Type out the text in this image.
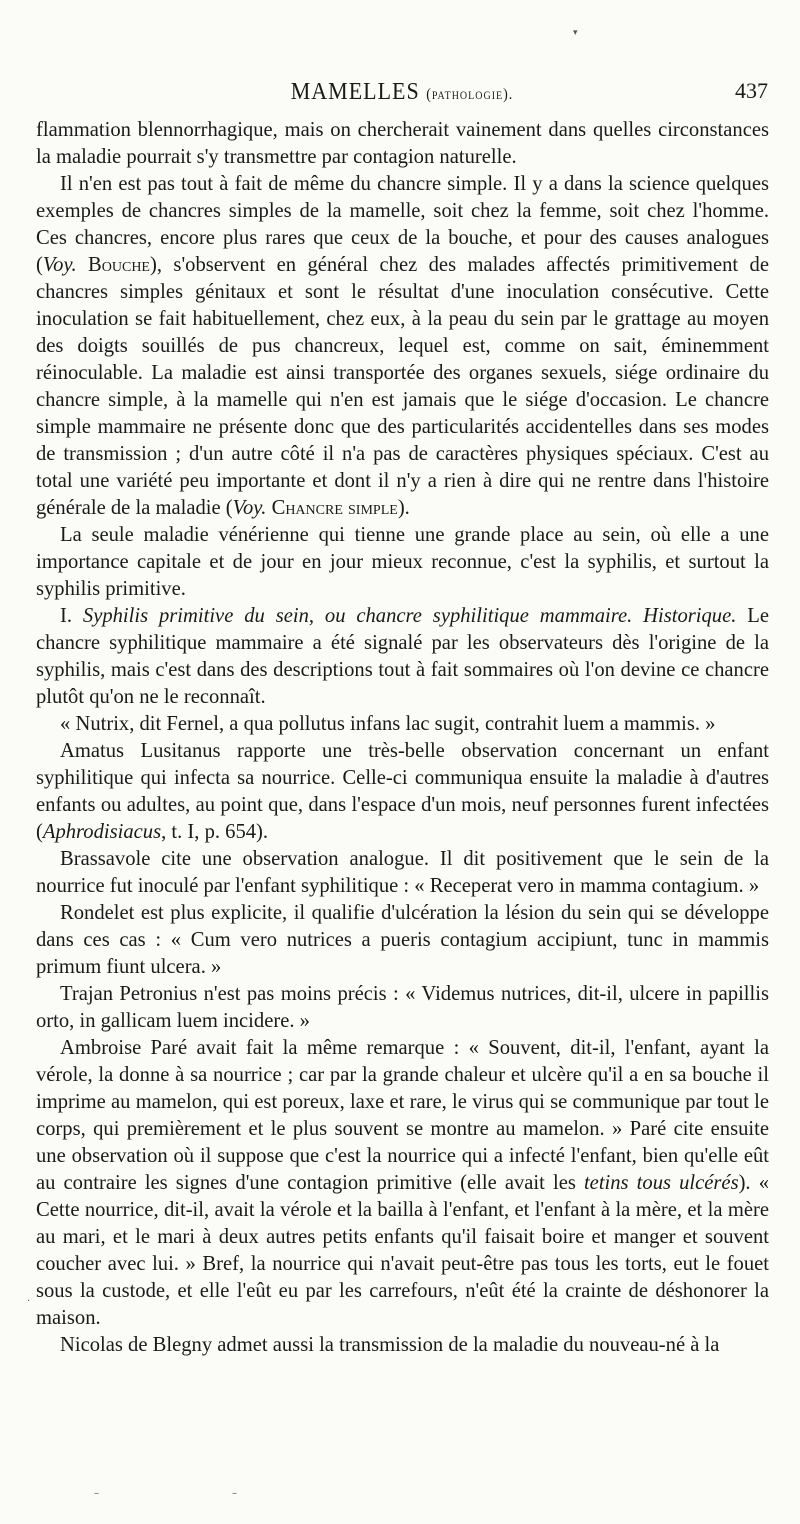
▾
·
–	–
MAMELLES (pathologie).	437

flammation blennorrhagique, mais on chercherait vainement dans quelles circonstances la maladie pourrait s'y transmettre par contagion naturelle.

Il n'en est pas tout à fait de même du chancre simple. Il y a dans la science quelques exemples de chancres simples de la mamelle, soit chez la femme, soit chez l'homme. Ces chancres, encore plus rares que ceux de la bouche, et pour des causes analogues (Voy. Bouche), s'observent en général chez des malades affectés primitivement de chancres simples génitaux et sont le résultat d'une inoculation consécutive. Cette inoculation se fait habituellement, chez eux, à la peau du sein par le grattage au moyen des doigts souillés de pus chancreux, lequel est, comme on sait, éminemment réinoculable. La maladie est ainsi transportée des organes sexuels, siége ordinaire du chancre simple, à la mamelle qui n'en est jamais que le siége d'occasion. Le chancre simple mammaire ne présente donc que des particularités accidentelles dans ses modes de transmission ; d'un autre côté il n'a pas de caractères physiques spéciaux. C'est au total une variété peu importante et dont il n'y a rien à dire qui ne rentre dans l'histoire générale de la maladie (Voy. Chancre simple).

La seule maladie vénérienne qui tienne une grande place au sein, où elle a une importance capitale et de jour en jour mieux reconnue, c'est la syphilis, et surtout la syphilis primitive.

I. Syphilis primitive du sein, ou chancre syphilitique mammaire. Historique. Le chancre syphilitique mammaire a été signalé par les observateurs dès l'origine de la syphilis, mais c'est dans des descriptions tout à fait sommaires où l'on devine ce chancre plutôt qu'on ne le reconnaît.

« Nutrix, dit Fernel, a qua pollutus infans lac sugit, contrahit luem a mammis. »

Amatus Lusitanus rapporte une très-belle observation concernant un enfant syphilitique qui infecta sa nourrice. Celle-ci communiqua ensuite la maladie à d'autres enfants ou adultes, au point que, dans l'espace d'un mois, neuf personnes furent infectées (Aphrodisiacus, t. I, p. 654).

Brassavole cite une observation analogue. Il dit positivement que le sein de la nourrice fut inoculé par l'enfant syphilitique : « Receperat vero in mamma contagium. »

Rondelet est plus explicite, il qualifie d'ulcération la lésion du sein qui se développe dans ces cas : « Cum vero nutrices a pueris contagium accipiunt, tunc in mammis primum fiunt ulcera. »

Trajan Petronius n'est pas moins précis : « Videmus nutrices, dit-il, ulcere in papillis orto, in gallicam luem incidere. »

Ambroise Paré avait fait la même remarque : « Souvent, dit-il, l'enfant, ayant la vérole, la donne à sa nourrice ; car par la grande chaleur et ulcère qu'il a en sa bouche il imprime au mamelon, qui est poreux, laxe et rare, le virus qui se communique par tout le corps, qui premièrement et le plus souvent se montre au mamelon. » Paré cite ensuite une observation où il suppose que c'est la nourrice qui a infecté l'enfant, bien qu'elle eût au contraire les signes d'une contagion primitive (elle avait les tetins tous ulcérés). « Cette nourrice, dit-il, avait la vérole et la bailla à l'enfant, et l'enfant à la mère, et la mère au mari, et le mari à deux autres petits enfants qu'il faisait boire et manger et souvent coucher avec lui. » Bref, la nourrice qui n'avait peut-être pas tous les torts, eut le fouet sous la custode, et elle l'eût eu par les carrefours, n'eût été la crainte de déshonorer la maison.

Nicolas de Blegny admet aussi la transmission de la maladie du nouveau-né à la
